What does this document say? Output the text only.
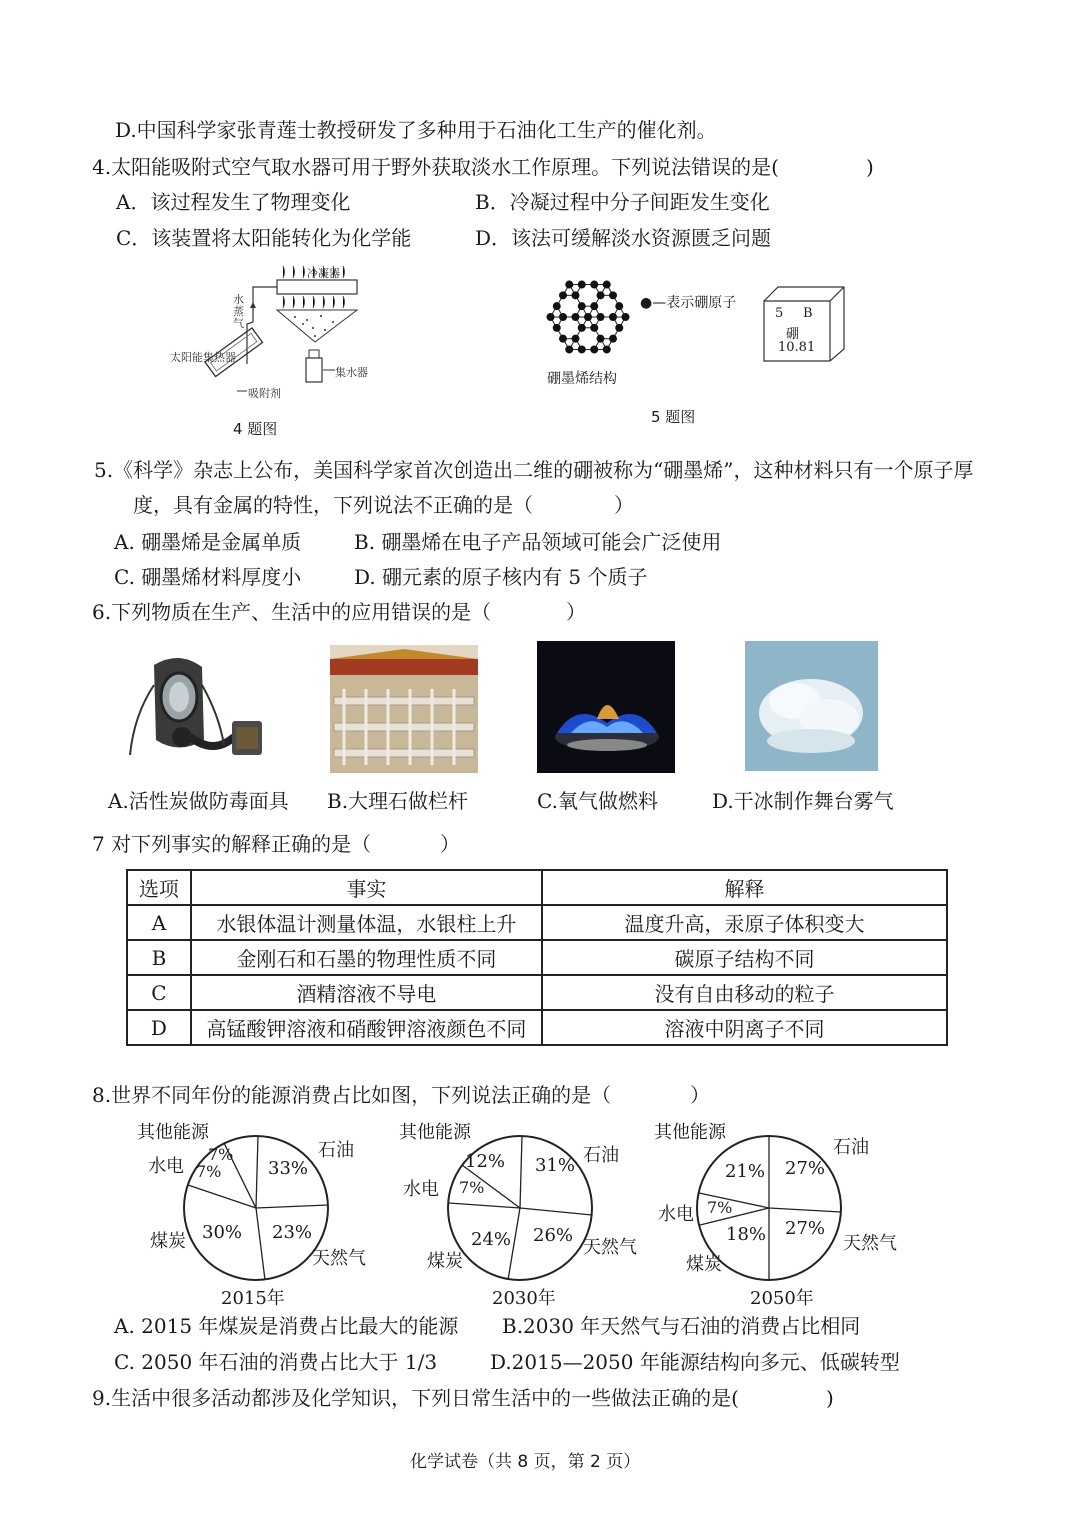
D.中国科学家张青莲士教授研发了多种用于石油化工生产的催化剂。
4.太阳能吸附式空气取水器可用于野外获取淡水工作原理。下列说法错误的是(	)
A．该过程发生了物理变化	B．冷凝过程中分子间距发生变化
C．该装置将太阳能转化为化学能	D．该法可缓解淡水资源匮乏问题
冷凝器
水
蒸
气
太阳能集热器
集水器
吸附剂
4 题图
●—表示硼原子
硼墨烯结构
5 B
硼
10.81
5 题图
5.《科学》杂志上公布，美国科学家首次创造出二维的硼被称为“硼墨烯”，这种材料只有一个原子厚
度，具有金属的特性，下列说法不正确的是（	）
A. 硼墨烯是金属单质	B. 硼墨烯在电子产品领域可能会广泛使用
C. 硼墨烯材料厚度小	D. 硼元素的原子核内有 5 个质子
6.下列物质在生产、生活中的应用错误的是（	）
A.活性炭做防毒面具 B.大理石做栏杆	C.氧气做燃料	D.干冰制作舞台雾气
7 对下列事实的解释正确的是（	）
选项	事实	解释
A	水银体温计测量体温，水银柱上升	温度升高，汞原子体积变大
B	金刚石和石墨的物理性质不同	碳原子结构不同
C	酒精溶液不导电	没有自由移动的粒子
D	高锰酸钾溶液和硝酸钾溶液颜色不同	溶液中阴离子不同
8.世界不同年份的能源消费占比如图，下列说法正确的是（	）
33%
23%
30%
7%
7%
其他能源
石油
水电
煤炭
天然气
2015年
31%
26%
24%
7%
12%
其他能源
石油
水电
煤炭
天然气
2030年
27%
27%
18%
7%
21%
其他能源
石油
水电
煤炭
天然气
2050年
A. 2015 年煤炭是消费占比最大的能源 B.2030 年天然气与石油的消费占比相同
C. 2050 年石油的消费占比大于 1/3	D.2015—2050 年能源结构向多元、低碳转型
9.生活中很多活动都涉及化学知识，下列日常生活中的一些做法正确的是(	)
化学试卷（共 8 页，第 2 页）
